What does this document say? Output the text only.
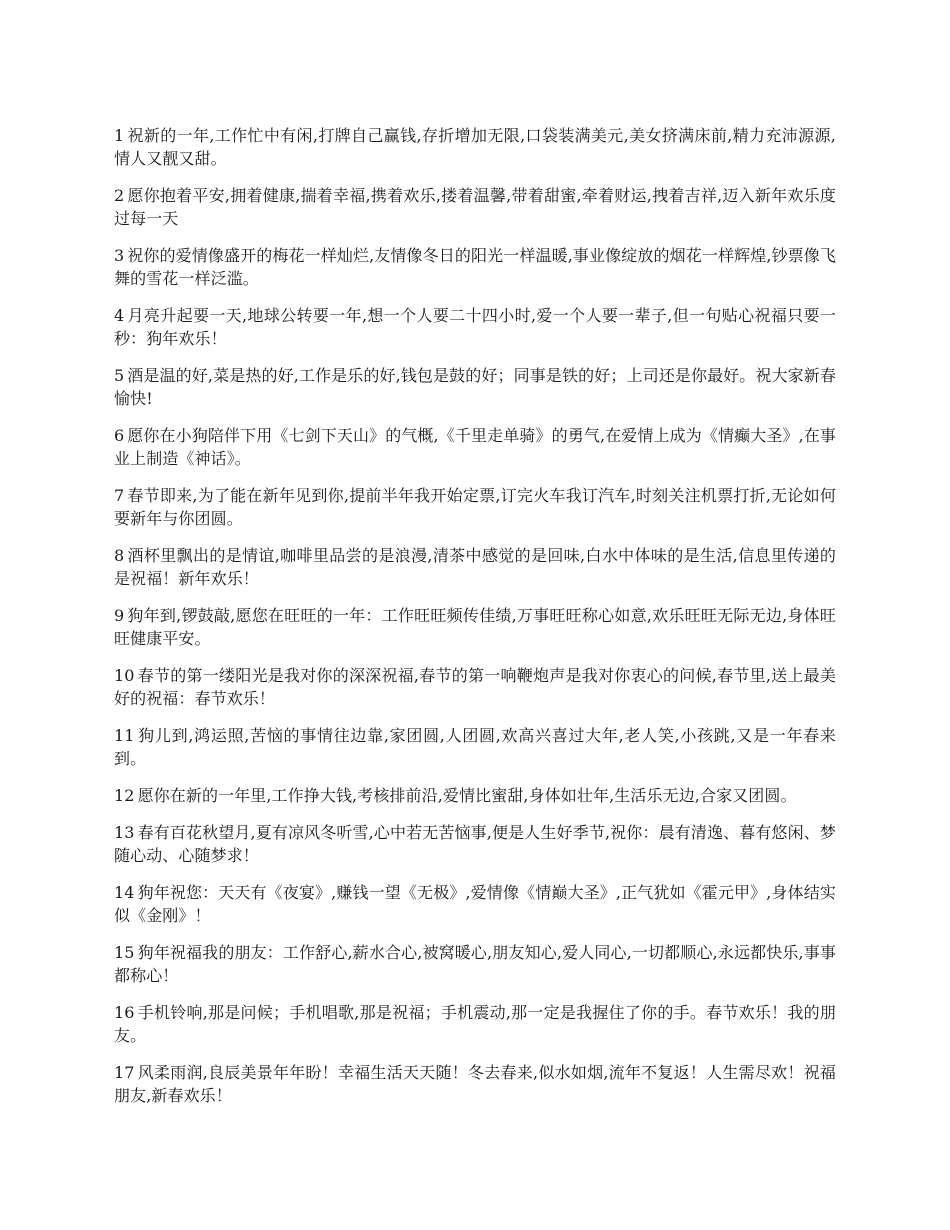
1 祝新的一年,工作忙中有闲,打牌自己赢钱,存折增加无限,口袋装满美元,美女挤满床前,精力充沛源源,情人又靓又甜。

2 愿你抱着平安,拥着健康,揣着幸福,携着欢乐,搂着温馨,带着甜蜜,牵着财运,拽着吉祥,迈入新年欢乐度过每一天

3 祝你的爱情像盛开的梅花一样灿烂,友情像冬日的阳光一样温暖,事业像绽放的烟花一样辉煌,钞票像飞舞的雪花一样泛滥。

4 月亮升起要一天,地球公转要一年,想一个人要二十四小时,爱一个人要一辈子,但一句贴心祝福只要一秒：狗年欢乐！

5 酒是温的好,菜是热的好,工作是乐的好,钱包是鼓的好；同事是铁的好；上司还是你最好。祝大家新春愉快!

6 愿你在小狗陪伴下用《七剑下天山》的气概,《千里走单骑》的勇气,在爱情上成为《情癫大圣》,在事业上制造《神话》。

7 春节即来,为了能在新年见到你,提前半年我开始定票,订完火车我订汽车,时刻关注机票打折,无论如何要新年与你团圆。

8 酒杯里飘出的是情谊,咖啡里品尝的是浪漫,清茶中感觉的是回味,白水中体味的是生活,信息里传递的是祝福！新年欢乐！

9 狗年到,锣鼓敲,愿您在旺旺的一年：工作旺旺频传佳绩,万事旺旺称心如意,欢乐旺旺无际无边,身体旺旺健康平安。

10 春节的第一缕阳光是我对你的深深祝福,春节的第一响鞭炮声是我对你衷心的问候,春节里,送上最美好的祝福：春节欢乐！

11 狗儿到,鸿运照,苦恼的事情往边靠,家团圆,人团圆,欢高兴喜过大年,老人笑,小孩跳,又是一年春来到。

12 愿你在新的一年里,工作挣大钱,考核排前沿,爱情比蜜甜,身体如壮年,生活乐无边,合家又团圆。

13 春有百花秋望月,夏有凉风冬听雪,心中若无苦恼事,便是人生好季节,祝你：晨有清逸、暮有悠闲、梦随心动、心随梦求！

14 狗年祝您：天天有《夜宴》,赚钱一望《无极》,爱情像《情巅大圣》,正气犹如《霍元甲》,身体结实似《金刚》！

15 狗年祝福我的朋友：工作舒心,薪水合心,被窝暖心,朋友知心,爱人同心,一切都顺心,永远都快乐,事事都称心！

16 手机铃响,那是问候；手机唱歌,那是祝福；手机震动,那一定是我握住了你的手。春节欢乐！我的朋友。

17 风柔雨润,良辰美景年年盼！幸福生活天天随！冬去春来,似水如烟,流年不复返！人生需尽欢！祝福朋友,新春欢乐！
